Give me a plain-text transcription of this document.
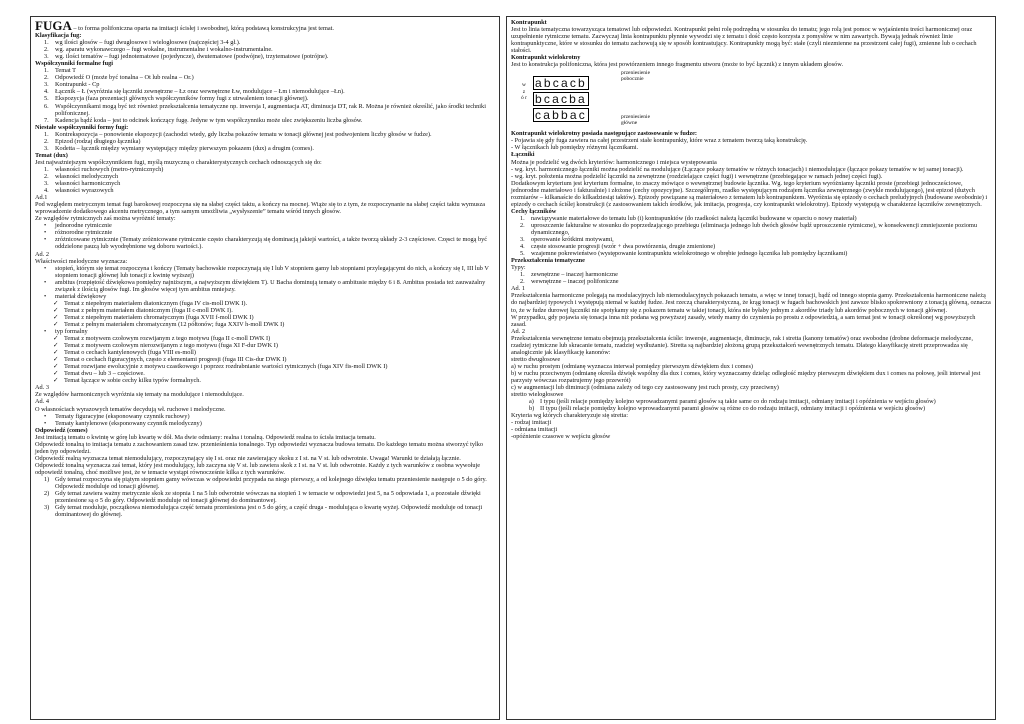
FUGA – to forma polifoniczna oparta na imitacji ścisłej i swobodnej, którą podstawą konstrukcyjna jest temat.

Klasyfikacja fug:

1. wg ilości głosów – fugi dwugłosowe i wielogłosowe (najczęściej 3-4 gł.).
2. wg. aparatu wykonawczego – fugi wokalne, instrumentalne i wokalno-instrumentalne.
3. wg. ilości tematów – fugi jednotematowe (pojedyncze), dwutematowe (podwójne), trzytematowe (potrójne).

Współczynniki formalne fugi

1. Temat T
2. Odpowiedź O (może być tonalna – Ot lub realna – Or.)
3. Kontrapunkt - Cp
4. Łącznik – Ł (wyróżnia się łączniki zewnętrzne – Łz oraz wewnętrzne Łw, modulujące – Łm i niemodulujące –Łn).
5. Ekspozycja (faza prezentacji głównych współczynników formy fugi z utrwaleniem tonacji głównej).
6. Współczynnikami mogą być też również przekształcenia tematyczne np. inwersja I, augmentacja AT, diminucja DT, rak R. Można je również określić, jako środki techniki polifonicznej.
7. Kadencja bądź koda – jest to odcinek kończący fugę. Jedyne w tym współczynniku może ulec zwiększeniu liczba głosów.

Niestałe współczynniki formy fugi:

1. Kontrekspozycja – ponowienie ekspozycji (zachodzi wtedy, gdy liczba pokazów tematu w tonacji głównej jest podwojeniem liczby głosów w fudze).
2. Epizod (rodzaj długiego łącznika)
3. Kodetta – łącznik między wymiany występujący między pierwszym pokazem (dux) a drugim (comes).

Temat (dux)

Jest najważniejszym współczynnikiem fugi, myślą muzyczną o charakterystycznych cechach odnoszących się do:

1. własności ruchowych (metro-rytmicznych)
2. własności melodycznych
3. własności harmonicznych
4. własności wyrazowych

Ad.1

Pod względem metrycznym temat fugi barokowej rozpoczyna się na słabej części taktu, a kończy na mocnej. Wiąże się to z tym, że rozpoczynanie na słabej części taktu wymusza wprowadzenie dodatkowego akcentu metrycznego, a tym samym umożliwia „wysłyszenie” tematu wśród innych głosów.

Ze względów rytmicznych zaś można wyróżnić tematy:

•	jednorodne rytmicznie
•	różnorodne rytmicznie
•	zróżnicowane rytmicznie (Tematy zróżnicowane rytmicznie często charakteryzują się dominacją jakiejś wartości, a także tworzą układy 2-3 częściowe. Częsci te mogą być oddzielone pauzą lub wyodrębnione wg doboru wartości.).

Ad. 2

Właściwości melodyczne wyznacza:

•	stopień, którym się temat rozpoczyna i kończy (Tematy bachowskie rozpoczynają się I lub V stopniem gamy lub stopniami przylegającymi do nich, a kończy się I, III lub V stopniem tonacji głównej lub tonacji z kwintę wyższej)
•	ambitus (rozpiętość dźwiękowa pomiędzy najniższym, a najwyższym dźwiękiem T). U Bacha dominują tematy o ambitusie między 6 i 8. Ambitus posiada też zauważalny związek z ilością głosów fugi. Im głosów więcej tym ambitus mniejszy.
•	materiał dźwiękowy
✓ Temat z niepełnym materiałem diatonicznym (fuga IV cis-moll DWK I).
✓ Temat z pełnym materiałem diatonicznym (fuga II c-moll DWK I).
✓ Temat z niepełnym materiałem chromatycznym (fuga XVII f-moll DWK I)
✓ Temat z pełnym materiałem chromatycznym (12 półtonów; fuga XXIV h-moll DWK I)
•	typ formalny
✓ Temat z motywem czołowym rozwijanym z tego motywu (fuga II c-moll DWK I)
✓ Temat z motywem czołowym nierozwijanym z tego motywu (fuga XI F-dur DWK I)
✓ Temat o cechach kantylenowych (fuga VIII es-moll)
✓ Temat o cechach figuracyjnych, często z elementami progresji (fuga III Cis-dur DWK I)
✓ Temat rozwijane ewolucyjnie z motywu czastkowego i poprzez rozdrabnianie wartości rytmicznych (fuga XIV fis-moll DWK I)
✓ Temat dwu – lub 3 – częściowe.
✓ Temat łączące w sobie cechy kilku typów formalnych.

Ad. 3

Ze względów harmonicznych wyróżnia się tematy na modulujące i niemodulujące.

Ad. 4

O własnościach wyrazowych tematów decydują wł. ruchowe i melodyczne.

•	Tematy figuracyjne (eksponowany czynnik ruchowy)
•	Tematy kantylenowe (eksponowany czynnik melodyczny)

Odpowiedź (comes)

Jest imitacją tematu o kwintę w górę lub kwartę w dół. Ma dwie odmiany: realna i tonalną. Odpowiedź realna to ścisła imitacja tematu.

Odpowiedź tonalną to imitacja tematu z zachowaniem zasad tzw. przenieśnienia tonalnego. Typ odpowiedzi wyznacza budowa tematu. Do każdego tematu można stworzyć tylko jeden typ odpowiedzi.

Odpowiedź realną wyznacza temat niemodulujący, rozpoczynający się I st. oraz nie zawierający skoku z I st. na V st. lub odwrotnie. Uwaga! Warunki te działają łącznie.

Odpowiedź tonalną wyznacza zaś temat, który jest modulujący, lub zaczyna się V st. lub zawiera skok z I st. na V st. lub odwrotnie. Każdy z tych warunków z osobna wywołuje odpowiedź tonalną, choć możliwe jest, że w temacie wystąpi równocześnie kilka z tych warunków.

1) Gdy temat rozpoczyna się piątym stopniem gamy wówczas w odpowiedzi przypada na niego pierwszy, a od kolejnego dźwięku tematu przeniesienie następuje o 5 do góry. Odpowiedź moduluje od tonacji głównej.
2) Gdy temat zawiera ważny metrycznie skok ze stopnia 1 na 5 lub odwrotnie wówczas na stopień 1 w temacie w odpowiedzi jest 5, na 5 odpowiada 1, a pozostałe dźwięki przeniesione są o 5 do góry. Odpowiedź moduluje od tonacji głównej do dominantowej.
3) Gdy temat moduluje, początkowa niemodulująca część tematu przeniesiona jest o 5 do góry, a część druga - modulująca o kwartę wyżej. Odpowiedź moduluje od tonacji dominantowej do głównej.

Kontrapunkt

Jest to linia tematyczna towarzysząca tematowi lub odpowiedzi. Kontrapunkt pełni rolę podrzędną w stosunku do tematu; jego rolą jest pomoc w wyjaśnieniu treści harmonicznej oraz uzupełnienie rytmiczne tematu. Zazwyczaj linia kontrapunktu płynnie wywodzi się z tematu i dość często korzysta z pomysłów w nim zawartych. Bywają jednak również linie kontrapunktyczne, które w stosunku do tematu zachowują się w sposób kontrastujący. Kontrapunkty mogą być: stałe (czyli niezmienne na przestrzeni całej fugi), zmienne lub o cechach stałości.

Kontrapunkt wielokrotny

Jest to konstrukcja polifoniczna, która jest powtórzeniem innego fragmentu utworu (może to być łącznik) z innym układem głosów.

w z ó r
abcacb
bcacba
cabbac
przeniesienie pobocznie
przeniesienie główne

Kontrapunkt wielokrotny posiada następujące zastosowanie w fudze:

- Pojawia się gdy fuga zawiera na całej przestrzeni stałe kontrapunkty, które wraz z tematem tworzą taką konstrukcję.

- W łącznikach lub pomiędzy różnymi łącznikami.

Łączniki

Można je podzielić wg dwóch kryteriów: harmonicznego i miejsca występowania

- wg. kryt. harmonicznego łączniki można podzielić na modulujące (Łączące pokazy tematów w różnych tonacjach) i niemodulujące (łączące pokazy tematów w tej samej tonacji).

- wg. kryt. położenia można podzielić łączniki na zewnętrzne (rozdzielające części fugi) i wewnętrzne (przebiegające w ramach jednej części fugi).

Dodatkowym kryterium jest kryterium formalne, to znaczy mówiące o wewnętrznej budowie łącznika. Wg. tego kryterium wyróżniamy łączniki proste (przebiegi jednocześciowe, jednorodne materiałowo i fakturalnie) i złożone (cechy opozycyjne). Szczególnym, rzadko występującym rodzajem łącznika zewnętrznego (zwykle modulującego), jest epizod (dużych rozmiarów – kilkanaście do kilkadziesiąt taktów). Epizody powiązane są materiałowo z tematem lub kontrapunktem. Wyróżnia się epizody o cechach preludyjnych (budowane swobodnie) i epizody o cechach ściślej konstrukcji (z zastosowaniem takich środków, jak imitacja, progresja, czy kontrapunkt wielokrotny). Epizody występują w charakterze łączników zewnętrznych.

Cechy łączników

1. nawiązywanie materiałowe do tematu lub (i) kontrapunktów (do rzadkości należą łączniki budowane w oparciu o nowy materiał)
2. uproszczenie fakturalne w stosunku do poprzedzającego przebiegu (eliminacja jednego lub dwóch głosów bądź uproszczenie rytmiczne), w konsekwencji zmniejszenie poziomu dynamicznego,
3. operowanie krótkimi motywami,
4. częste stosowanie progresji (wzór + dwa powtórzenia, drugie zmienione)
5. wzajemne pokrewieństwo (występowanie kontrapunktu wielokrotnego w obrębie jednego łącznika lub pomiędzy łącznikami)

Przekształcenia tematyczne

Typy:

1. zewnętrzne – inaczej harmoniczne
2. wewnętrzne – inaczej polifoniczne

Ad. 1

Przekształcenia harmoniczne polegają na modulacyjnych lub niemodulacyjnych pokazach tematu, a więc w innej tonacji, bądź od innego stopnia gamy. Przekształcenia harmoniczne należą do najbardziej typowych i występują niemal w każdej fudze. Jest rzeczą charakterystyczną, że krąg tonacji w fugach bachowskich jest zawsze blisko spokrewniony z tonacją główną, oznacza to, że w fudze durowej łączniki nie spotykamy się z pokazem tematu w takiej tonacji, która nie byłaby jednym z akordów triady lub akordów pobocznych w tonacji głównej.

W przypadku, gdy pojawia się tonacja inna niż podana wg powyższej zasady, wtedy mamy do czynienia po prostu z odpowiedzią, a sam temat jest w tonacji określonej wg powyższych zasad.

Ad. 2

Przekształcenia wewnętrzne tematu obejmują przekształcenia ściśle: inwersje, augmentacje, diminucje, rak i stretta (kanony tematów) oraz swobodne (drobne deformacje melodyczne, rzadziej rytmiczne lub skracanie tematu, rzadziej wydłużanie). Stretta są najbardziej złożoną grupą przekształceń wewnętrznych tematu. Dlatego klasyfikację strett przeprowadza się analogicznie jak klasyfikację kanonów:

stretto dwugłosowe

a) w ruchu prostym (odmianę wyznacza interwał pomiędzy pierwszym dźwiękiem dux i comes)

b) w ruchu przeciwnym (odmianę określa dźwięk wspólny dla dux i comes, który wyznaczamy dzieląc odległość między pierwszym dźwiękiem dux i comes na połowę, jeśli interwał jest parzysty wówczas rozpatrujemy jego przewrót)

c) w augmentacji lub diminucji (odmiana zależy od tego czy zastosowany jest ruch prosty, czy przeciwny)

stretto wielogłosowe

a) I typu (jeśli relacje pomiędzy kolejno wprowadzanymi parami głosów są takie same co do rodzaju imitacji, odmiany imitacji i opóźnienia w wejściu głosów)
b) II typu (jeśli relacje pomiędzy kolejno wprowadzanymi parami głosów są różne co do rodzaju imitacji, odmiany imitacji i opóźnienia w wejściu głosów)

Kryteria wg których charakteryzuje się stretta:

- rodzaj imitacji

- odmiana imitacji

-opóźnienie czasowe w wejściu głosów
